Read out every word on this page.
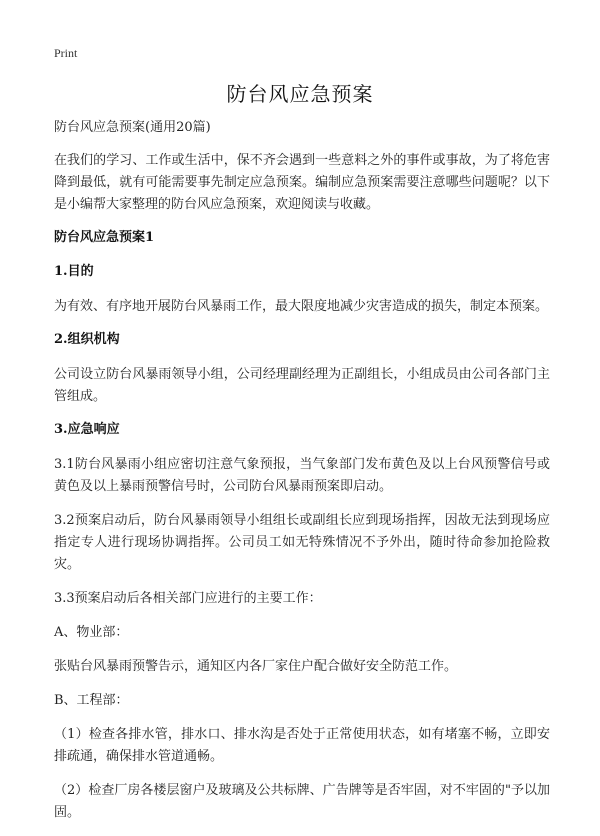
Print
防台风应急预案

防台风应急预案(通用20篇)

在我们的学习、工作或生活中，保不齐会遇到一些意料之外的事件或事故，为了将危害降到最低，就有可能需要事先制定应急预案。编制应急预案需要注意哪些问题呢？以下是小编帮大家整理的防台风应急预案，欢迎阅读与收藏。

防台风应急预案1

1.目的

为有效、有序地开展防台风暴雨工作，最大限度地减少灾害造成的损失，制定本预案。

2.组织机构

公司设立防台风暴雨领导小组，公司经理副经理为正副组长，小组成员由公司各部门主管组成。

3.应急响应

3.1防台风暴雨小组应密切注意气象预报，当气象部门发布黄色及以上台风预警信号或黄色及以上暴雨预警信号时，公司防台风暴雨预案即启动。

3.2预案启动后，防台风暴雨领导小组组长或副组长应到现场指挥，因故无法到现场应指定专人进行现场协调指挥。公司员工如无特殊情况不予外出，随时待命参加抢险救灾。

3.3预案启动后各相关部门应进行的主要工作：

A、物业部：

张贴台风暴雨预警告示，通知区内各厂家住户配合做好安全防范工作。

B、工程部：

（1）检查各排水管，排水口、排水沟是否处于正常使用状态，如有堵塞不畅，立即安排疏通，确保排水管道通畅。

（2）检查厂房各楼层窗户及玻璃及公共标牌、广告牌等是否牢固，对不牢固的"予以加固。
